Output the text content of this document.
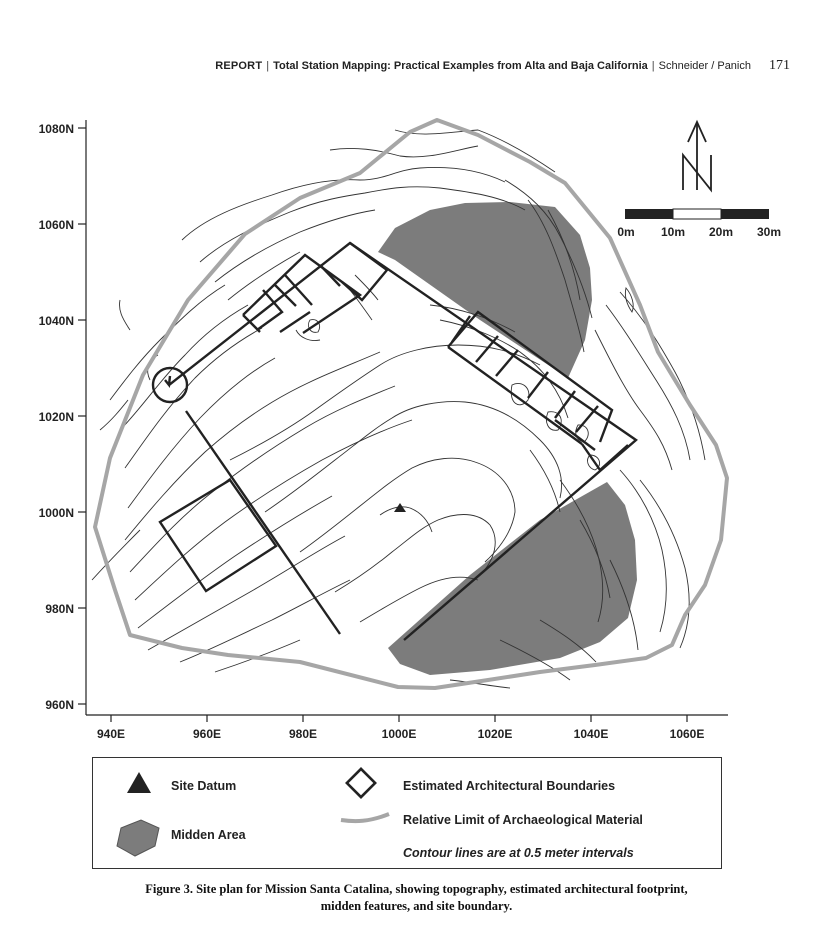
REPORT | Total Station Mapping: Practical Examples from Alta and Baja California | Schneider / Panich 171
1080N
1060N
1040N
1020N
1000N
980N
960N
940E	960E	980E	1000E	1020E	1040E	1060E
N
0m 10m 20m 30m
Site Datum
Midden Area
Estimated Architectural Boundaries
Relative Limit of Archaeological Material
Contour lines are at 0.5 meter intervals
Figure 3. Site plan for Mission Santa Catalina, showing topography, estimated architectural footprint,
midden features, and site boundary.
